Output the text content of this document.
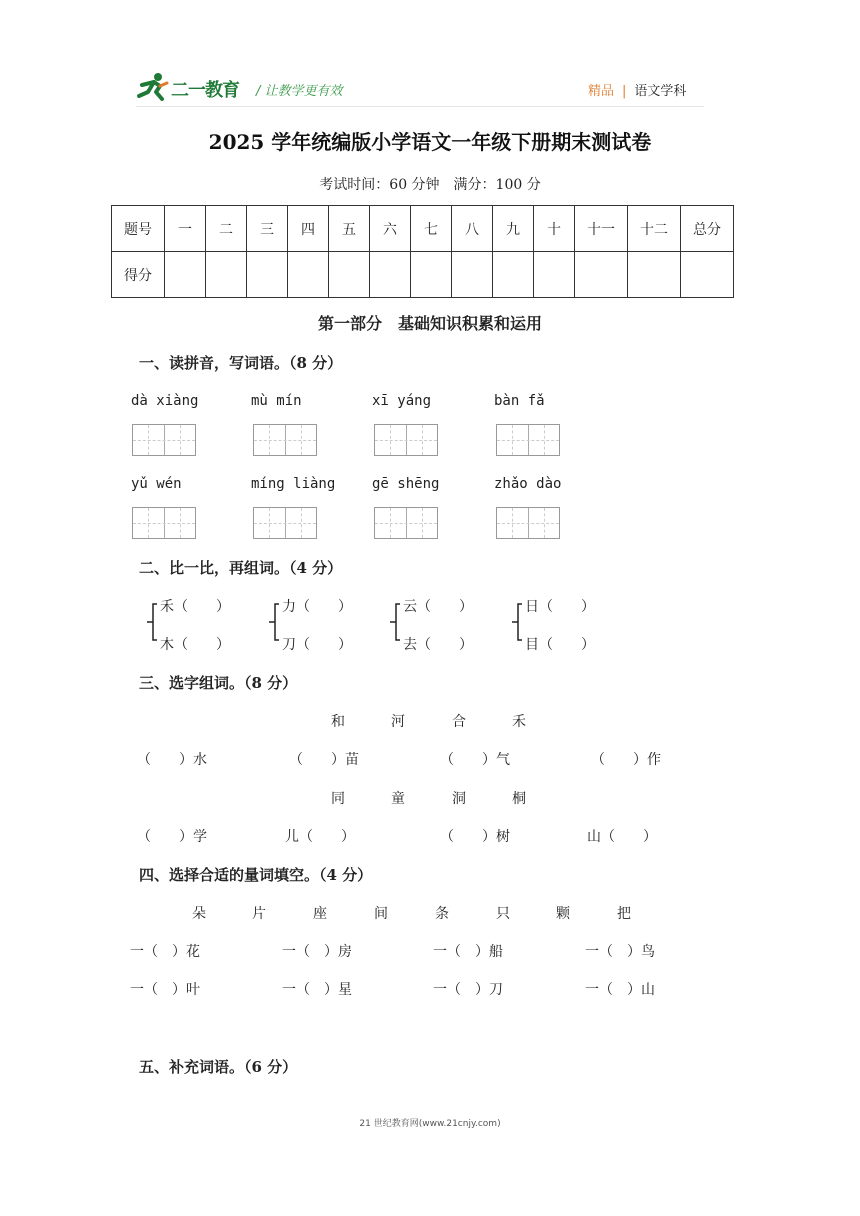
二一教育 / 让教学更有效	精品 | 语文学科
2025 学年统编版小学语文一年级下册期末测试卷
考试时间：60 分钟　满分：100 分
题号	一	二	三	四	五	六	七	八	九	十	十一	十二	总分
得分													
第一部分　基础知识积累和运用
一、读拼音，写词语。（8 分）
dà xiàng	mù mín	xī yáng	bàn fǎ
yǔ wén	míng liàng	gē shēng	zhǎo dào
二、比一比，再组词。（4 分）
禾（　　）
木（　　）
力（　　）
刀（　　）
云（　　）
去（　　）
日（　　）
目（　　）
三、选字组词。（8 分）
和	河	合	禾
（　　）水	（　　）苗	（　　）气	（　　）作
同	童	洞	桐
（　　）学	儿（　　）	（　　）树	山（　　）
四、选择合适的量词填空。（4 分）
朵	片	座	间	条	只	颗	把
一（　）花	一（　）房	一（　）船	一（　）鸟
一（　）叶	一（　）星	一（　）刀	一（　）山
五、补充词语。（6 分）
21 世纪教育网(www.21cnjy.com)
